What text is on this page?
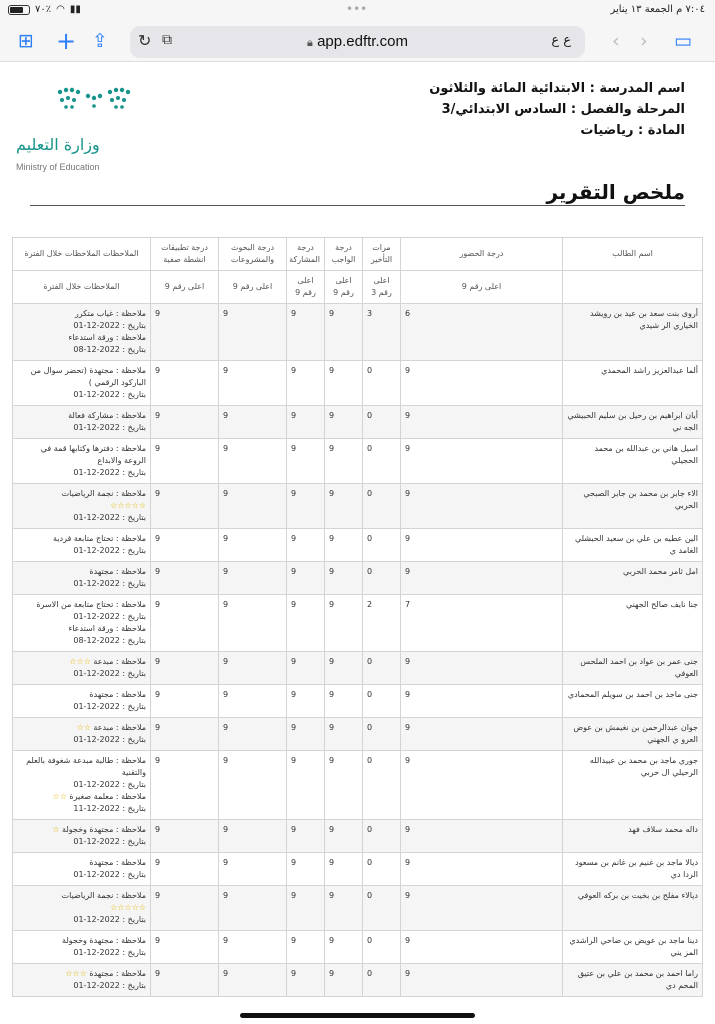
٧٠٪ ◠ ▮▮	•••	٧:٠٤ م الجمعة ١٣ يناير
⊞ + ⇪ ↻ ⧉	🔒︎ app.edftr.com	ع ع ‹ › ▭
اسم المدرسة : الابتدائية المائة والثلاثون
المرحلة والفصل : السادس الابتدائي/3
المادة : رياضيات
وزارة التعليم
Ministry of Education
ملخص التقرير
اسم الطالب	درجة الحضور	مرات التأخير	درجة الواجب	درجة المشاركة	درجة البحوث والمشروعات	درجة تطبيقات انشطة صفية	الملاحظات الملاحظات خلال الفترة
	اعلى رقم 9	اعلى رقم 3	اعلى رقم 9	اعلى رقم 9	اعلى رقم 9	اعلى رقم 9	الملاحظات خلال الفترة
أروى بنت سعد بن عيد بن رويشد الخياري الر شيدي	6	3	9	9	9	9	ملاحظة : غياب متكرر
بتاريخ : 2022-12-01
ملاحظة : ورقة استدعاء
بتاريخ : 2022-12-08

ألما عبدالعزيز راشد المحمدي	9	0	9	9	9	9	ملاحظة : مجتهدة (تحضر سوال من الباركود الرقمي )
بتاريخ : 2022-12-01

أيان ابراهيم بن رحيل بن سليم الحبيشي الجه ني	9	0	9	9	9	9	ملاحظة : مشاركة فعالة
بتاريخ : 2022-12-01

اسيل هاني بن عبدالله بن محمد الحجيلي	9	0	9	9	9	9	ملاحظة : دفترها وكتابها قمة في الروعة والابداع
بتاريخ : 2022-12-01

الاء جابر بن محمد بن جابر الصبحي الحربي	9	0	9	9	9	9	ملاحظة : نجمة الرياضيات
☆☆☆☆☆
بتاريخ : 2022-12-01

الين عطيه بن علي بن سعيد الحبشلي الغامد ي	9	0	9	9	9	9	ملاحظة : تحتاج متابعة فردية
بتاريخ : 2022-12-01

امل ثامر محمد الحربي	9	0	9	9	9	9	ملاحظة : مجتهدة
بتاريخ : 2022-12-01

جنا نايف صالح الجهني	7	2	9	9	9	9	ملاحظة : تحتاج متابعة من الاسرة
بتاريخ : 2022-12-01
ملاحظة : ورقة استدعاء
بتاريخ : 2022-12-08

جنى عمر بن عواد بن احمد الملحس العوفي	9	0	9	9	9	9	ملاحظة : مبدعة ☆☆☆
بتاريخ : 2022-12-01

جنى ماجد بن احمد بن سويلم المحمادي	9	0	9	9	9	9	ملاحظة : مجتهدة
بتاريخ : 2022-12-01

جوان عبدالرحمن بن نغيمش بن عوض العرو ي الجهني	9	0	9	9	9	9	ملاحظة : مبدعة ☆☆
بتاريخ : 2022-12-01

جوري ماجد بن محمد بن عبيدالله الرحيلي ال حربي	9	0	9	9	9	9	ملاحظة : طالبة مبدعة شغوفة بالعلم والتقنية
بتاريخ : 2022-12-01
ملاحظة : معلمة صغيرة ☆☆
بتاريخ : 2022-12-11

داله محمد سلاف فهد	9	0	9	9	9	9	ملاحظة : مجتهدة وخجولة ☆
بتاريخ : 2022-12-01

ديالا ماجد بن غنيم بن غانم بن مسعود الردا دي	9	0	9	9	9	9	ملاحظة : مجتهدة
بتاريخ : 2022-12-01

ديالاء مفلح بن بخيت بن بركه العوفي	9	0	9	9	9	9	ملاحظة : نجمة الرياضيات
☆☆☆☆☆
بتاريخ : 2022-12-01

دينا ماجد بن عويض بن ضاحي الراشدي المز يني	9	0	9	9	9	9	ملاحظة : مجتهدة وخجولة
بتاريخ : 2022-12-01

راما احمد بن محمد بن علي بن عتيق المحم دي	9	0	9	9	9	9	ملاحظة : مجتهدة ☆☆☆
بتاريخ : 2022-12-01
